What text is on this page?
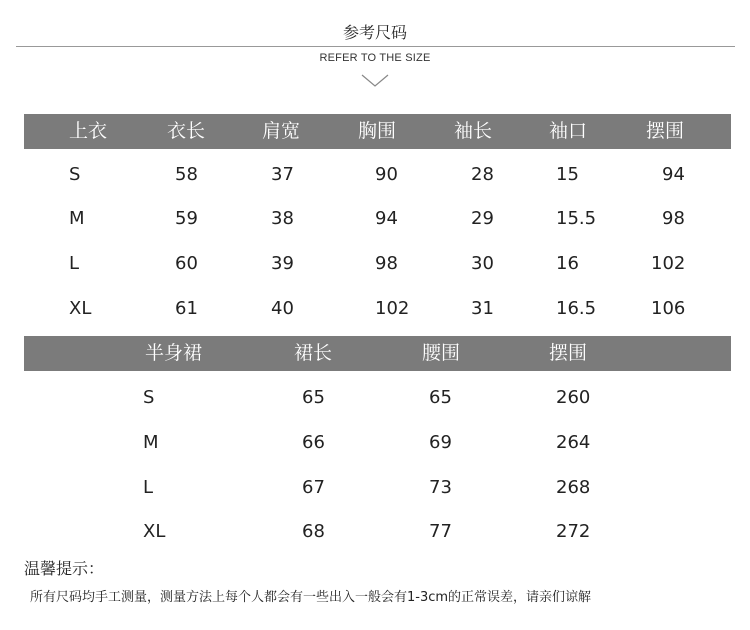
参考尺码
REFER TO THE SIZE
上衣	衣长	肩宽	胸围	袖长	袖口	摆围
S	58	37	90	28	15	94
M	59	38	94	29	15.5	98
L	60	39	98	30	16	102
XL	61	40	102	31	16.5	106
半身裙	裙长	腰围	摆围
S	65	65	260
M	66	69	264
L	67	73	268
XL	68	77	272
温馨提示：
所有尺码均手工测量，测量方法上每个人都会有一些出入一般会有1-3cm的正常误差，请亲们谅解
